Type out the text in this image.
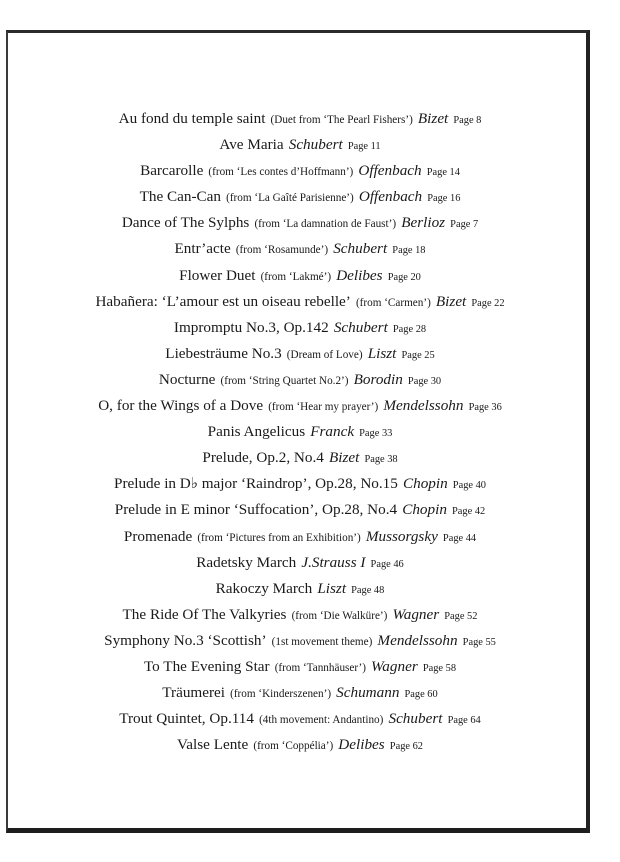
Au fond du temple saint (Duet from ‘The Pearl Fishers’) Bizet Page 8
Ave Maria Schubert Page 11
Barcarolle (from ‘Les contes d’Hoffmann’) Offenbach Page 14
The Can-Can (from ‘La Gaîté Parisienne’) Offenbach Page 16
Dance of The Sylphs (from ‘La damnation de Faust’) Berlioz Page 7
Entr’acte (from ‘Rosamunde’) Schubert Page 18
Flower Duet (from ‘Lakmé’) Delibes Page 20
Habañera: ‘L’amour est un oiseau rebelle’ (from ‘Carmen’) Bizet Page 22
Impromptu No.3, Op.142 Schubert Page 28
Liebesträume No.3 (Dream of Love) Liszt Page 25
Nocturne (from ‘String Quartet No.2’) Borodin Page 30
O, for the Wings of a Dove (from ‘Hear my prayer’) Mendelssohn Page 36
Panis Angelicus Franck Page 33
Prelude, Op.2, No.4 Bizet Page 38
Prelude in D♭ major ‘Raindrop’, Op.28, No.15 Chopin Page 40
Prelude in E minor ‘Suffocation’, Op.28, No.4 Chopin Page 42
Promenade (from ‘Pictures from an Exhibition’) Mussorgsky Page 44
Radetsky March J.Strauss I Page 46
Rakoczy March Liszt Page 48
The Ride Of The Valkyries (from ‘Die Walküre’) Wagner Page 52
Symphony No.3 ‘Scottish’ (1st movement theme) Mendelssohn Page 55
To The Evening Star (from ‘Tannhäuser’) Wagner Page 58
Träumerei (from ‘Kinderszenen’) Schumann Page 60
Trout Quintet, Op.114 (4th movement: Andantino) Schubert Page 64
Valse Lente (from ‘Coppélia’) Delibes Page 62
